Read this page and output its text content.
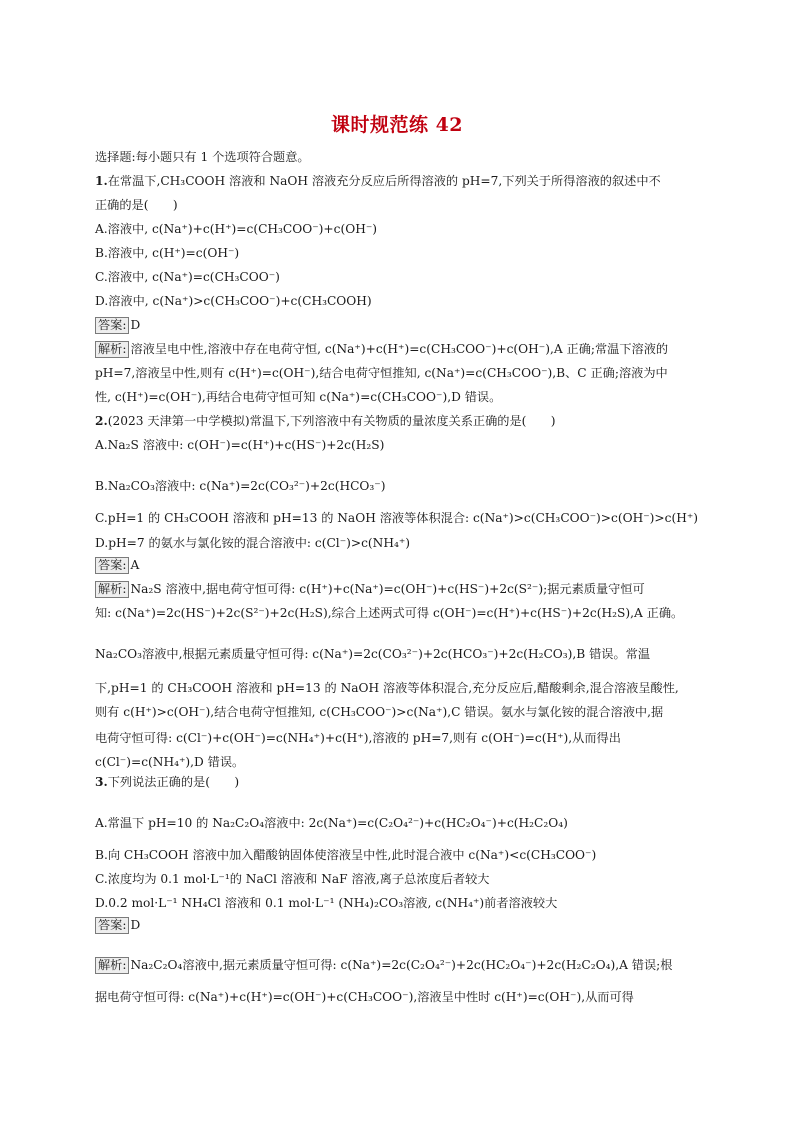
课时规范练 42
选择题:每小题只有 1 个选项符合题意。
1.在常温下,CH₃COOH 溶液和 NaOH 溶液充分反应后所得溶液的 pH=7,下列关于所得溶液的叙述中不
正确的是(　　)
A.溶液中, c(Na⁺)+c(H⁺)=c(CH₃COO⁻)+c(OH⁻)
B.溶液中, c(H⁺)=c(OH⁻)
C.溶液中, c(Na⁺)=c(CH₃COO⁻)
D.溶液中, c(Na⁺)>c(CH₃COO⁻)+c(CH₃COOH)
答案: D
解析: 溶液呈电中性,溶液中存在电荷守恒, c(Na⁺)+c(H⁺)=c(CH₃COO⁻)+c(OH⁻),A 正确;常温下溶液的
pH=7,溶液呈中性,则有 c(H⁺)=c(OH⁻),结合电荷守恒推知, c(Na⁺)=c(CH₃COO⁻),B、C 正确;溶液为中
性, c(H⁺)=c(OH⁻),再结合电荷守恒可知 c(Na⁺)=c(CH₃COO⁻),D 错误。
2.(2023 天津第一中学模拟)常温下,下列溶液中有关物质的量浓度关系正确的是(　　)
A.Na₂S 溶液中: c(OH⁻)=c(H⁺)+c(HS⁻)+2c(H₂S)
B.Na₂CO₃溶液中: c(Na⁺)=2c(CO₃²⁻)+2c(HCO₃⁻)
C.pH=1 的 CH₃COOH 溶液和 pH=13 的 NaOH 溶液等体积混合: c(Na⁺)>c(CH₃COO⁻)>c(OH⁻)>c(H⁺)
D.pH=7 的氨水与氯化铵的混合溶液中: c(Cl⁻)>c(NH₄⁺)
答案: A
解析: Na₂S 溶液中,据电荷守恒可得: c(H⁺)+c(Na⁺)=c(OH⁻)+c(HS⁻)+2c(S²⁻);据元素质量守恒可
知: c(Na⁺)=2c(HS⁻)+2c(S²⁻)+2c(H₂S),综合上述两式可得 c(OH⁻)=c(H⁺)+c(HS⁻)+2c(H₂S),A 正确。
Na₂CO₃溶液中,根据元素质量守恒可得: c(Na⁺)=2c(CO₃²⁻)+2c(HCO₃⁻)+2c(H₂CO₃),B 错误。常温
下,pH=1 的 CH₃COOH 溶液和 pH=13 的 NaOH 溶液等体积混合,充分反应后,醋酸剩余,混合溶液呈酸性,
则有 c(H⁺)>c(OH⁻),结合电荷守恒推知, c(CH₃COO⁻)>c(Na⁺),C 错误。氨水与氯化铵的混合溶液中,据
电荷守恒可得: c(Cl⁻)+c(OH⁻)=c(NH₄⁺)+c(H⁺),溶液的 pH=7,则有 c(OH⁻)=c(H⁺),从而得出
c(Cl⁻)=c(NH₄⁺),D 错误。
3.下列说法正确的是(　　)
A.常温下 pH=10 的 Na₂C₂O₄溶液中: 2c(Na⁺)=c(C₂O₄²⁻)+c(HC₂O₄⁻)+c(H₂C₂O₄)
B.向 CH₃COOH 溶液中加入醋酸钠固体使溶液呈中性,此时混合液中 c(Na⁺)<c(CH₃COO⁻)
C.浓度均为 0.1 mol·L⁻¹的 NaCl 溶液和 NaF 溶液,离子总浓度后者较大
D.0.2 mol·L⁻¹ NH₄Cl 溶液和 0.1 mol·L⁻¹ (NH₄)₂CO₃溶液, c(NH₄⁺)前者溶液较大
答案: D
解析: Na₂C₂O₄溶液中,据元素质量守恒可得: c(Na⁺)=2c(C₂O₄²⁻)+2c(HC₂O₄⁻)+2c(H₂C₂O₄),A 错误;根
据电荷守恒可得: c(Na⁺)+c(H⁺)=c(OH⁻)+c(CH₃COO⁻),溶液呈中性时 c(H⁺)=c(OH⁻),从而可得
